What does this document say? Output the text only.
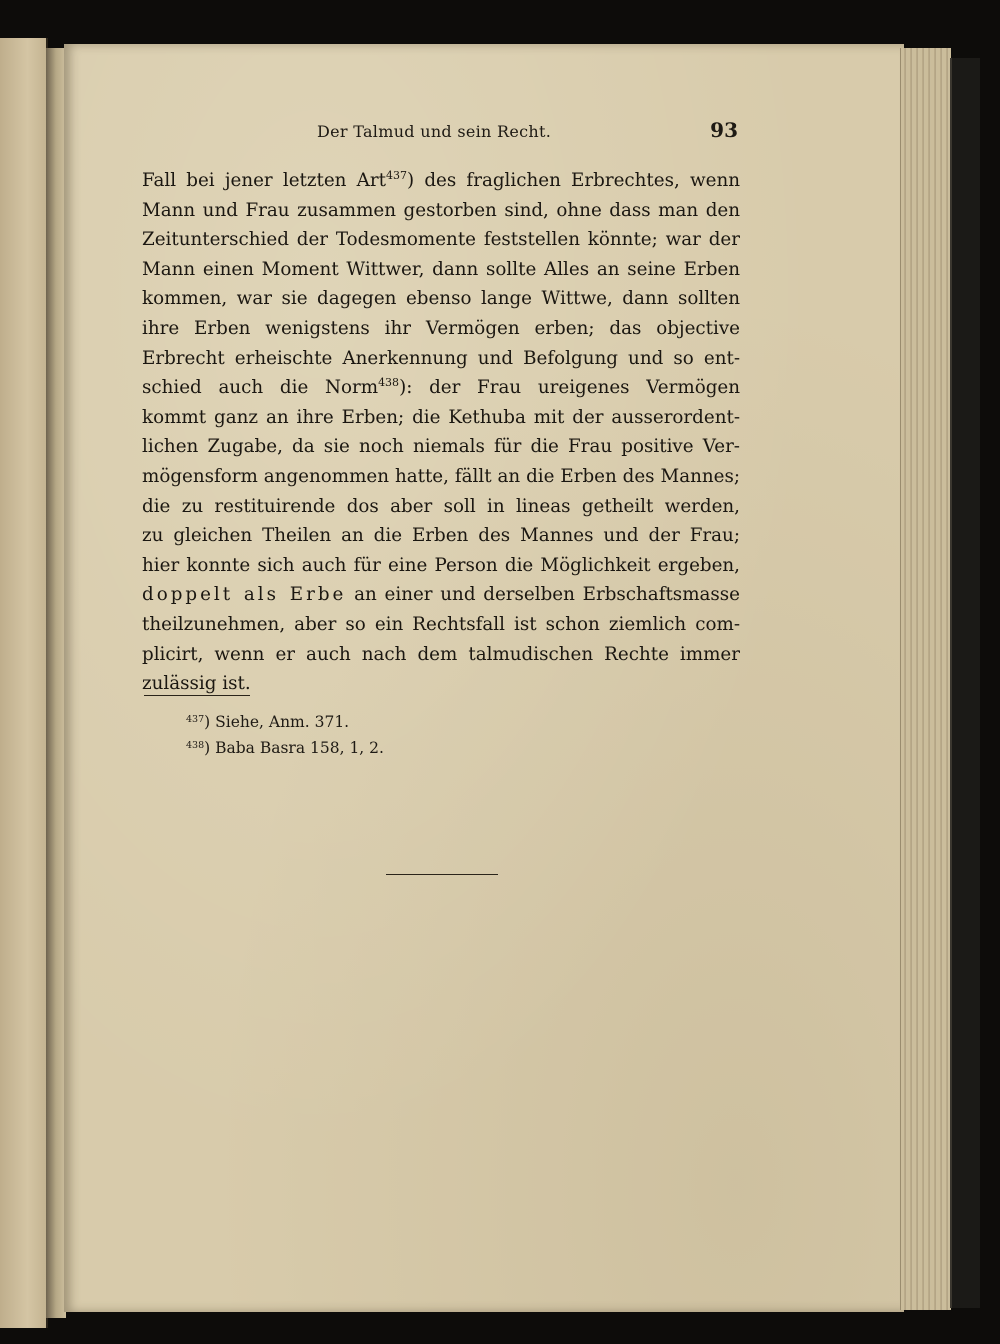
Der Talmud und sein Recht.	93
Fall bei jener letzten Art$^{437}$) des fraglichen Erbrechtes, wenn
Mann und Frau zusammen gestorben sind, ohne dass man den
Zeitunterschied der Todesmomente feststellen könnte; war der
Mann einen Moment Wittwer, dann sollte Alles an seine Erben
kommen, war sie dagegen ebenso lange Wittwe, dann sollten
ihre Erben wenigstens ihr Vermögen erben; das objective
Erbrecht erheischte Anerkennung und Befolgung und so ent-
schied auch die Norm$^{438}$): der Frau ureigenes Vermögen
kommt ganz an ihre Erben; die Kethuba mit der ausserordent-
lichen Zugabe, da sie noch niemals für die Frau positive Ver-
mögensform angenommen hatte, fällt an die Erben des Mannes;
die zu restituirende dos aber soll in lineas getheilt werden,
zu gleichen Theilen an die Erben des Mannes und der Frau;
hier konnte sich auch für eine Person die Möglichkeit ergeben,
doppelt als Erbe an einer und derselben Erbschaftsmasse
theilzunehmen, aber so ein Rechtsfall ist schon ziemlich com-
plicirt, wenn er auch nach dem talmudischen Rechte immer
zulässig ist.
$^{437}$) Siehe, Anm. 371.
$^{438}$) Baba Basra 158, 1, 2.
